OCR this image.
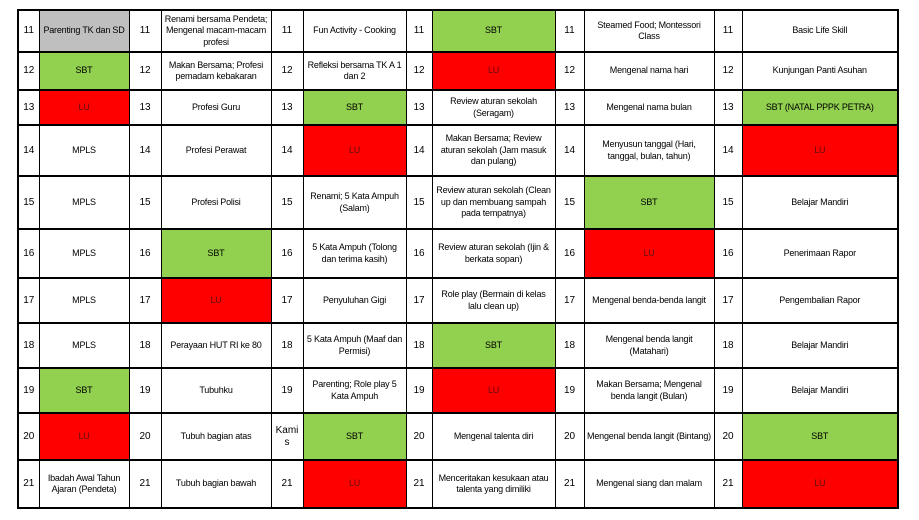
11	Parenting TK dan SD	11	Renami bersama Pendeta; Mengenal macam-macam profesi	11	Fun Activity - Cooking	11	SBT	11	Steamed Food; Montessori Class	11	Basic Life Skill
12	SBT	12	Makan Bersama; Profesi pemadam kebakaran	12	Refleksi bersama TK A 1 dan 2	12	LU	12	Mengenal nama hari	12	Kunjungan Panti Asuhan
13	LU	13	Profesi Guru	13	SBT	13	Review aturan sekolah (Seragam)	13	Mengenal nama bulan	13	SBT (NATAL PPPK PETRA)
14	MPLS	14	Profesi Perawat	14	LU	14	Makan Bersama; Review aturan sekolah (Jam masuk dan pulang)	14	Menyusun tanggal (Hari, tanggal, bulan, tahun)	14	LU
15	MPLS	15	Profesi Polisi	15	Renami; 5 Kata Ampuh (Salam)	15	Review aturan sekolah (Clean up dan membuang sampah pada tempatnya)	15	SBT	15	Belajar Mandiri
16	MPLS	16	SBT	16	5 Kata Ampuh (Tolong dan terima kasih)	16	Review aturan sekolah (Ijin & berkata sopan)	16	LU	16	Penerimaan Rapor
17	MPLS	17	LU	17	Penyuluhan Gigi	17	Role play (Bermain di kelas lalu clean up)	17	Mengenal benda-benda langit	17	Pengembalian Rapor
18	MPLS	18	Perayaan HUT RI ke 80	18	5 Kata Ampuh (Maaf dan Permisi)	18	SBT	18	Mengenal benda langit (Matahari)	18	Belajar Mandiri
19	SBT	19	Tubuhku	19	Parenting; Role play 5 Kata Ampuh	19	LU	19	Makan Bersama; Mengenal benda langit (Bulan)	19	Belajar Mandiri
20	LU	20	Tubuh bagian atas	Kamis	SBT	20	Mengenal talenta diri	20	Mengenal benda langit (Bintang)	20	SBT
21	Ibadah Awal Tahun Ajaran (Pendeta)	21	Tubuh bagian bawah	21	LU	21	Menceritakan kesukaan atau talenta yang dimiliki	21	Mengenal siang dan malam	21	LU
